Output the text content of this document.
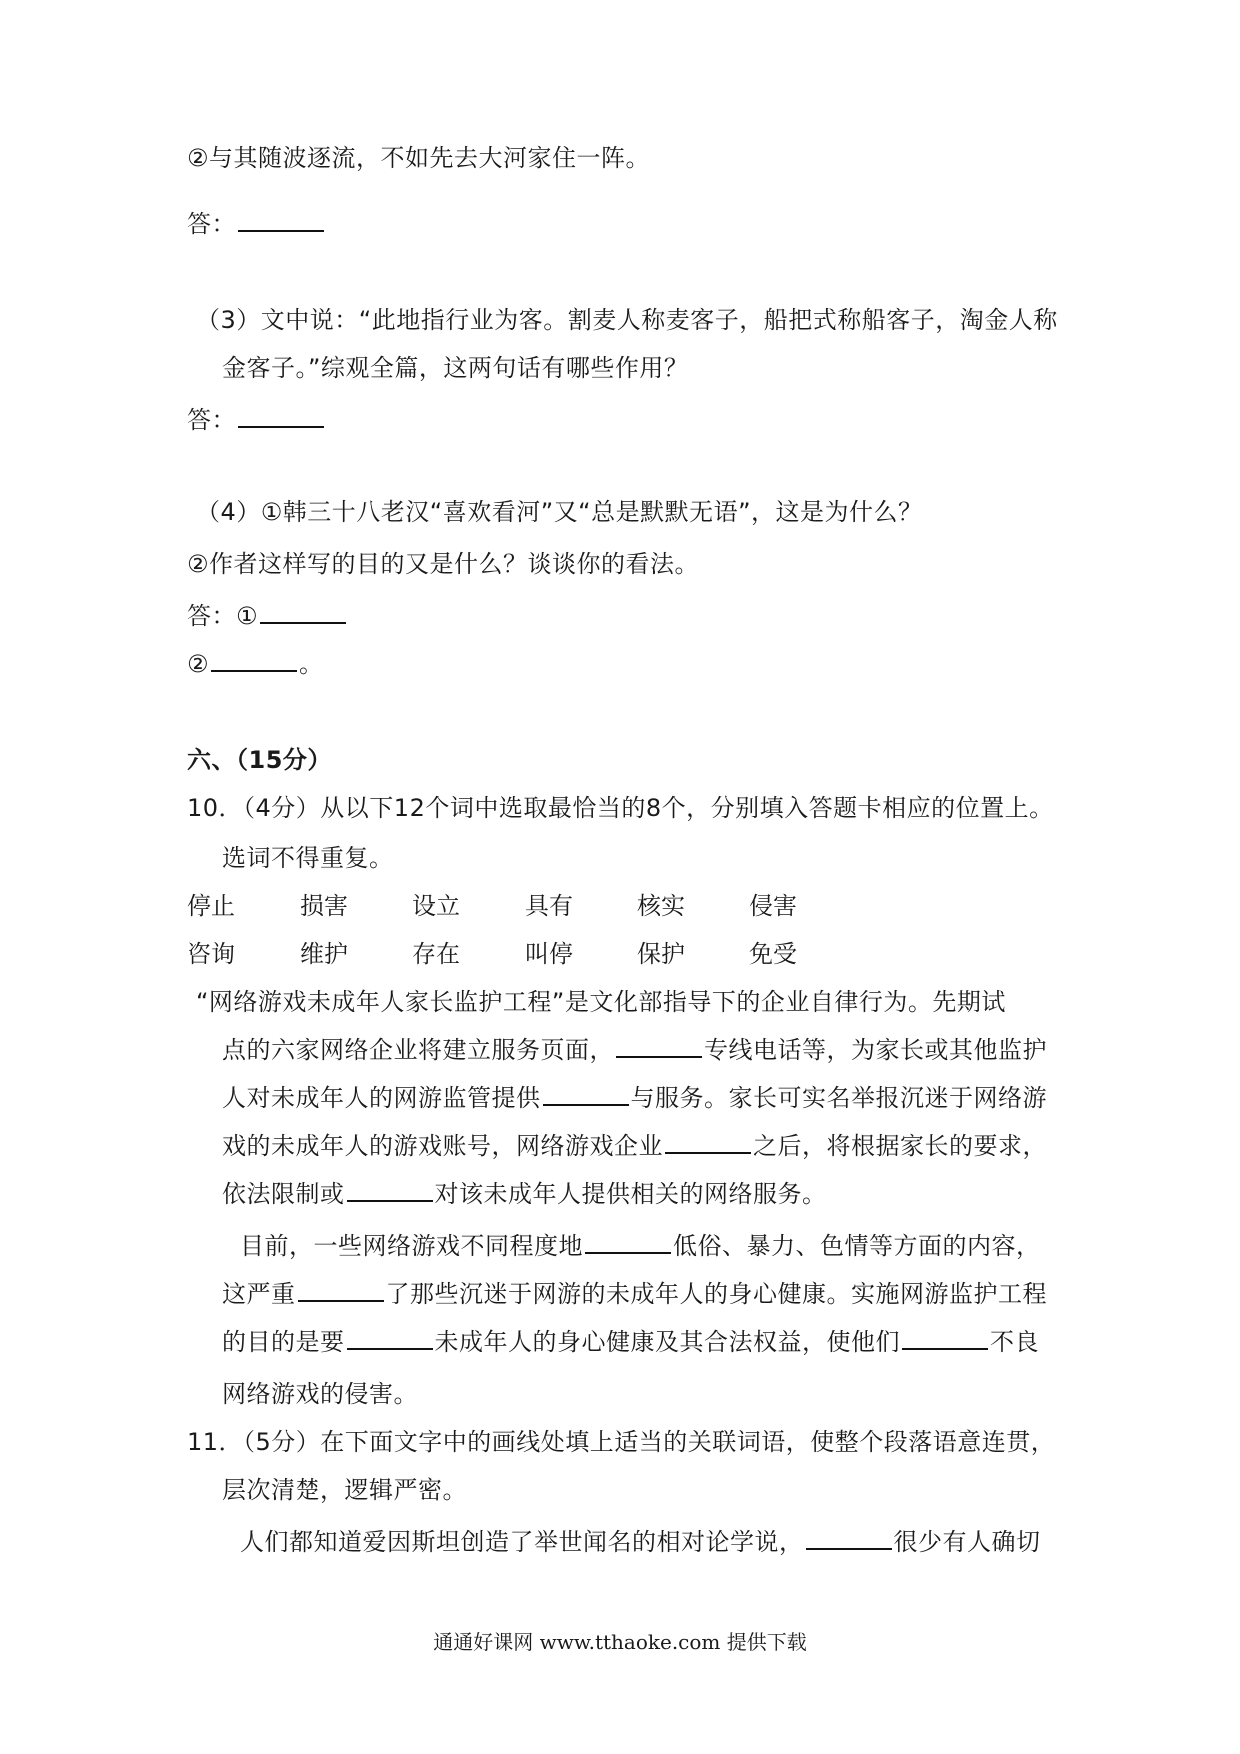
②与其随波逐流，不如先去大河家住一阵。
答：
（3）文中说：“此地指行业为客。割麦人称麦客子，船把式称船客子，淘金人称
金客子。”综观全篇，这两句话有哪些作用？
答：
（4）①韩三十八老汉“喜欢看河”又“总是默默无语”，这是为什么？
②作者这样写的目的又是什么？谈谈你的看法。
答：①
②	。
六、（15分）
10．（4分）从以下12个词中选取最恰当的8个，分别填入答题卡相应的位置上。
选词不得重复。
停止	损害	设立	具有	核实	侵害
咨询	维护	存在	叫停	保护	免受
“网络游戏未成年人家长监护工程”是文化部指导下的企业自律行为。先期试
点的六家网络企业将建立服务页面，	专线电话等，为家长或其他监护
人对未成年人的网游监管提供	与服务。家长可实名举报沉迷于网络游
戏的未成年人的游戏账号，网络游戏企业	之后，将根据家长的要求，
依法限制或	对该未成年人提供相关的网络服务。
目前，一些网络游戏不同程度地	低俗、暴力、色情等方面的内容，
这严重	了那些沉迷于网游的未成年人的身心健康。实施网游监护工程
的目的是要	未成年人的身心健康及其合法权益，使他们	不良
网络游戏的侵害。
11．（5分）在下面文字中的画线处填上适当的关联词语，使整个段落语意连贯，
层次清楚，逻辑严密。
人们都知道爱因斯坦创造了举世闻名的相对论学说，	很少有人确切
通通好课网 www.tthaoke.com 提供下载
